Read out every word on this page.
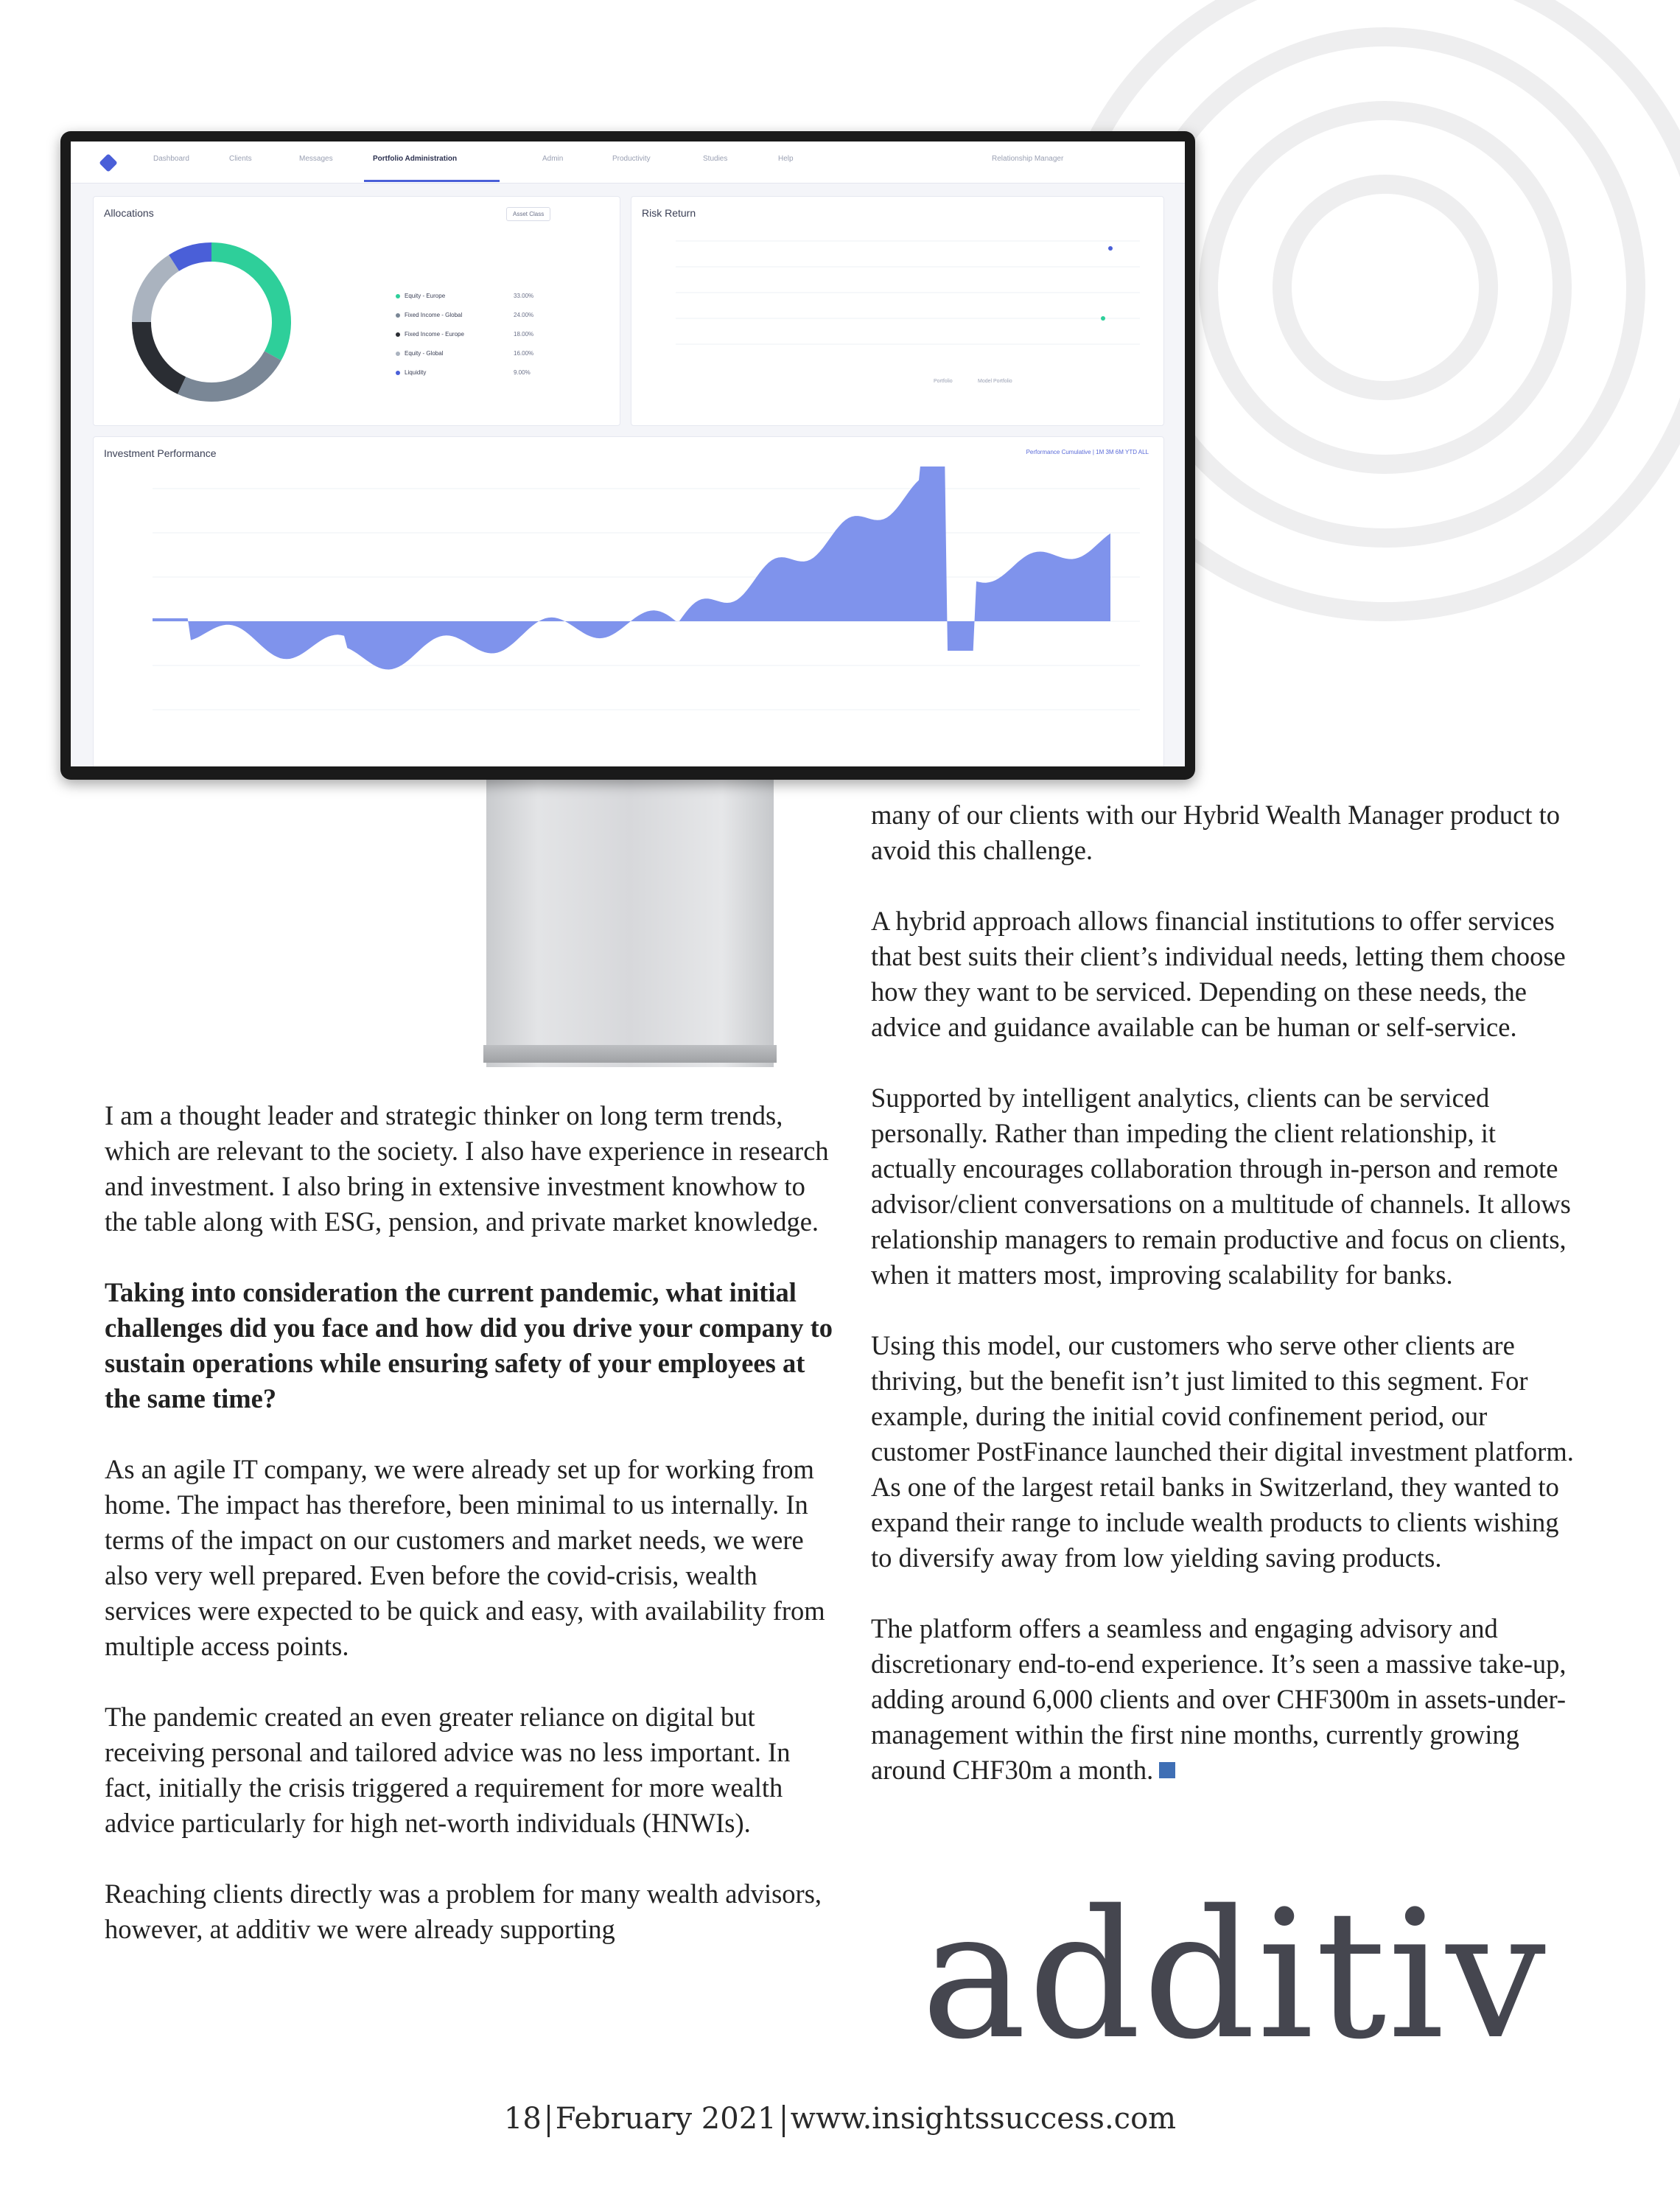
Dashboard	Clients	Messages	Portfolio Administration	Admin	Productivity	Studies	Help	Relationship Manager
Allocations	Asset Class
Equity - Europe	33.00%
Fixed Income - Global	24.00%
Fixed Income - Europe	18.00%
Equity - Global	16.00%
Liquidity	9.00%
Risk Return
Portfolio	Model Portfolio
Investment Performance	Performance Cumulative | 1M 3M 6M YTD ALL

I am a thought leader and strategic thinker on long term trends, which are relevant to the society. I also have experience in research and investment. I also bring in extensive investment knowhow to the table along with ESG, pension, and private market knowledge.

Taking into consideration the current pandemic, what initial challenges did you face and how did you drive your company to sustain operations while ensuring safety of your employees at the same time?

As an agile IT company, we were already set up for working from home. The impact has therefore, been minimal to us internally. In terms of the impact on our customers and market needs, we were also very well prepared. Even before the covid-crisis, wealth services were expected to be quick and easy, with availability from multiple access points.

The pandemic created an even greater reliance on digital but receiving personal and tailored advice was no less important. In fact, initially the crisis triggered a requirement for more wealth advice particularly for high net-worth individuals (HNWIs).

Reaching clients directly was a problem for many wealth advisors, however, at additiv we were already supporting

many of our clients with our Hybrid Wealth Manager product to avoid this challenge.

A hybrid approach allows financial institutions to offer services that best suits their client’s individual needs, letting them choose how they want to be serviced. Depending on these needs, the advice and guidance available can be human or self-service.

Supported by intelligent analytics, clients can be serviced personally. Rather than impeding the client relationship, it actually encourages collaboration through in-person and remote advisor/client conversations on a multitude of channels. It allows relationship managers to remain productive and focus on clients, when it matters most, improving scalability for banks.

Using this model, our customers who serve other clients are thriving, but the benefit isn’t just limited to this segment. For example, during the initial covid confinement period, our customer PostFinance launched their digital investment platform. As one of the largest retail banks in Switzerland, they wanted to expand their range to include wealth products to clients wishing to diversify away from low yielding saving products.

The platform offers a seamless and engaging advisory and discretionary end-to-end experience. It’s seen a massive take-up, adding around 6,000 clients and over CHF300m in assets-under-management within the first nine months, currently growing around CHF30m a month.

additiv
18 February 2021 www.insightssuccess.com
